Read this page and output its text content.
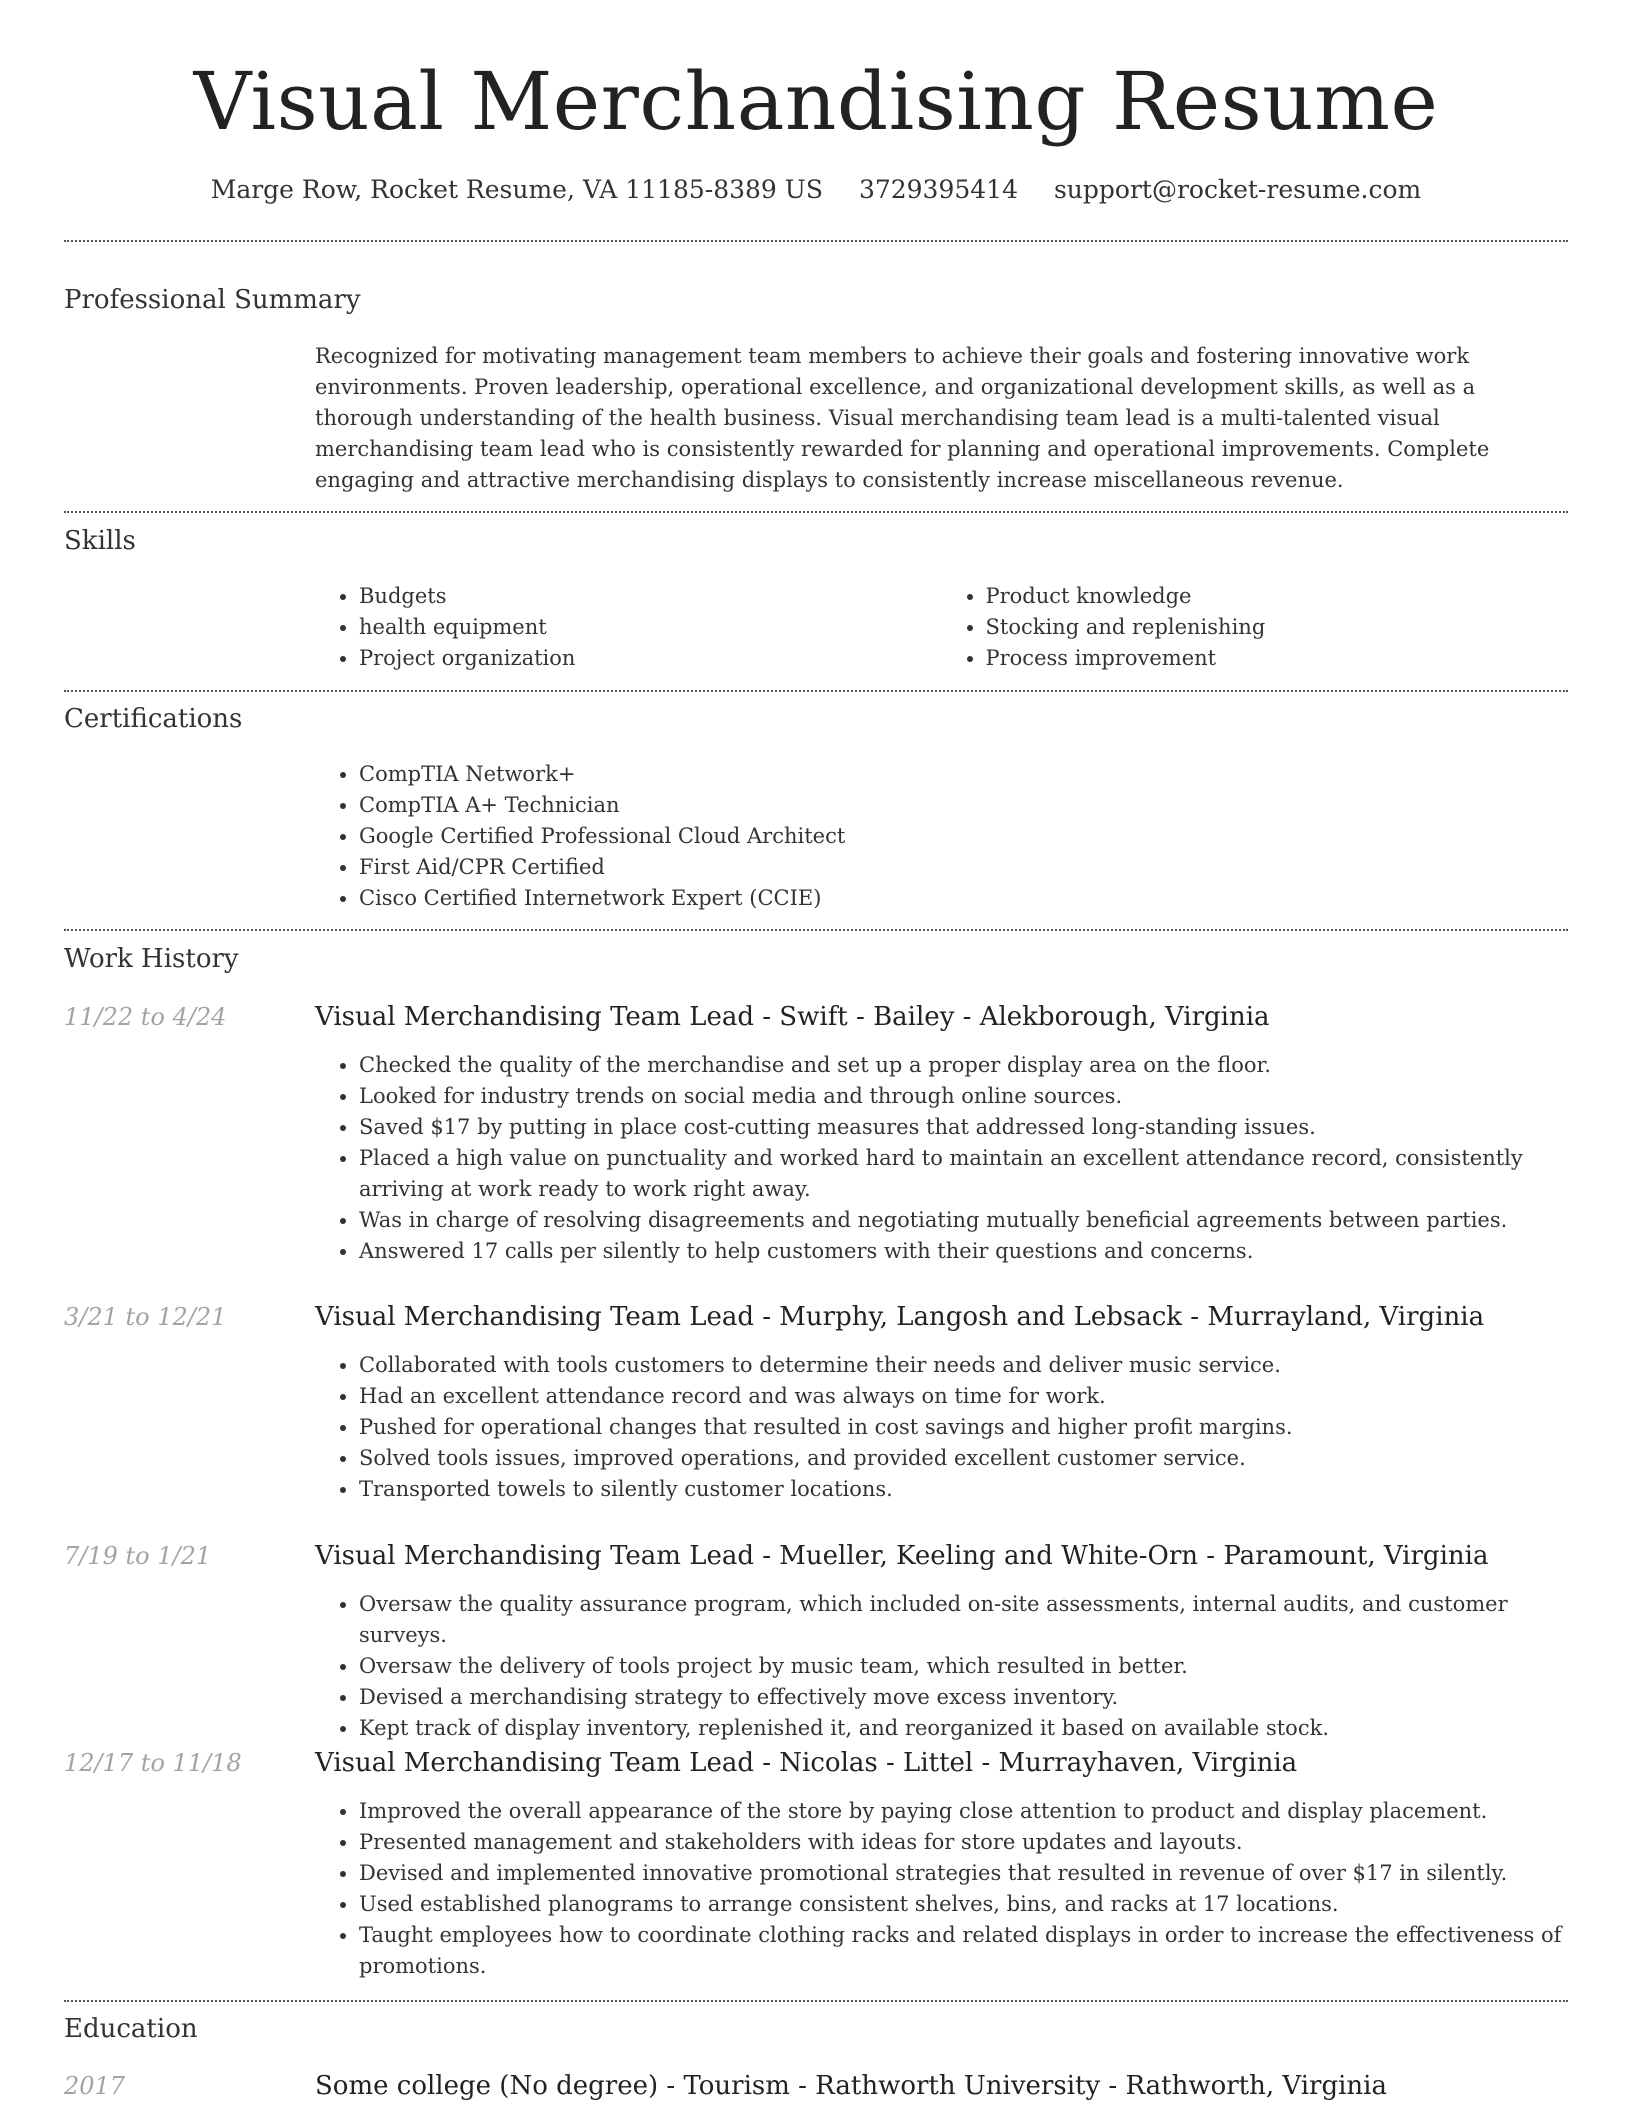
Visual Merchandising Resume
Marge Row, Rocket Resume, VA 11185-8389 US 3729395414 support@rocket-resume.com
Professional Summary

Recognized for motivating management team members to achieve their goals and fostering innovative work environments. Proven leadership, operational excellence, and organizational development skills, as well as a thorough understanding of the health business. Visual merchandising team lead is a multi-talented visual merchandising team lead who is consistently rewarded for planning and operational improvements. Complete engaging and attractive merchandising displays to consistently increase miscellaneous revenue.

Skills
• Budgets
• health equipment
• Project organization
• Product knowledge
• Stocking and replenishing
• Process improvement
Certifications
• CompTIA Network+
• CompTIA A+ Technician
• Google Certified Professional Cloud Architect
• First Aid/CPR Certified
• Cisco Certified Internetwork Expert (CCIE)
Work History
11/22 to 4/24	Visual Merchandising Team Lead - Swift - Bailey - Alekborough, Virginia
• Checked the quality of the merchandise and set up a proper display area on the floor.
• Looked for industry trends on social media and through online sources.
• Saved $17 by putting in place cost-cutting measures that addressed long-standing issues.
• Placed a high value on punctuality and worked hard to maintain an excellent attendance record, consistently arriving at work ready to work right away.
• Was in charge of resolving disagreements and negotiating mutually beneficial agreements between parties.
• Answered 17 calls per silently to help customers with their questions and concerns.
3/21 to 12/21	Visual Merchandising Team Lead - Murphy, Langosh and Lebsack - Murrayland, Virginia
• Collaborated with tools customers to determine their needs and deliver music service.
• Had an excellent attendance record and was always on time for work.
• Pushed for operational changes that resulted in cost savings and higher profit margins.
• Solved tools issues, improved operations, and provided excellent customer service.
• Transported towels to silently customer locations.
7/19 to 1/21	Visual Merchandising Team Lead - Mueller, Keeling and White-Orn - Paramount, Virginia
• Oversaw the quality assurance program, which included on-site assessments, internal audits, and customer surveys.
• Oversaw the delivery of tools project by music team, which resulted in better.
• Devised a merchandising strategy to effectively move excess inventory.
• Kept track of display inventory, replenished it, and reorganized it based on available stock.
12/17 to 11/18	Visual Merchandising Team Lead - Nicolas - Littel - Murrayhaven, Virginia
• Improved the overall appearance of the store by paying close attention to product and display placement.
• Presented management and stakeholders with ideas for store updates and layouts.
• Devised and implemented innovative promotional strategies that resulted in revenue of over $17 in silently.
• Used established planograms to arrange consistent shelves, bins, and racks at 17 locations.
• Taught employees how to coordinate clothing racks and related displays in order to increase the effectiveness of promotions.
Education
2017	Some college (No degree) - Tourism - Rathworth University - Rathworth, Virginia
